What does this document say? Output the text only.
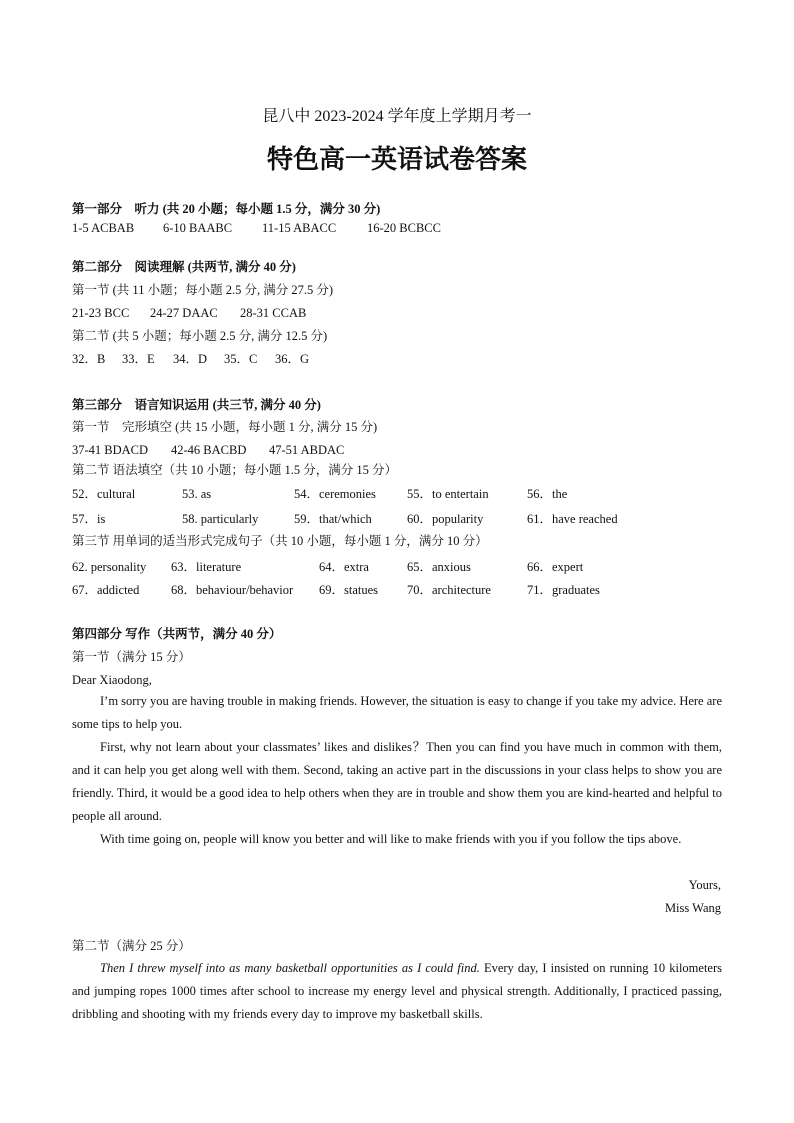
昆八中 2023-2024 学年度上学期月考一
特色高一英语试卷答案
第一部分　听力 (共 20 小题；每小题 1.5 分，满分 30 分)
1-5 ACBAB 6-10 BAABC 11-15 ABACC 16-20 BCBCC
第二部分　阅读理解 (共两节, 满分 40 分)
第一节 (共 11 小题；每小题 2.5 分, 满分 27.5 分)
21-23 BCC 24-27 DAAC 28-31 CCAB
第二节 (共 5 小题；每小题 2.5 分, 满分 12.5 分)
32．B 33．E 34．D 35．C 36．G
第三部分　语言知识运用 (共三节, 满分 40 分)
第一节　完形填空 (共 15 小题，每小题 1 分, 满分 15 分)
37-41 BDACD 42-46 BACBD 47-51 ABDAC
第二节 语法填空（共 10 小题；每小题 1.5 分，满分 15 分）
52．cultural	53. as	54．ceremonies 55．to entertain	56．the
57．is	58. particularly	59．that/which	60．popularity	61．have reached
第三节 用单词的适当形式完成句子（共 10 小题，每小题 1 分，满分 10 分）
62. personality 63．literature	64．extra	65．anxious	66．expert
67．addicted	68．behaviour/behavior 69．statues 70．architecture	71．graduates
第四部分 写作（共两节，满分 40 分）
第一节（满分 15 分）
Dear Xiaodong,
I’m sorry you are having trouble in making friends. However, the situation is easy to change if you take my advice. Here are some tips to help you.
First, why not learn about your classmates’ likes and dislikes？Then you can find you have much in common with them, and it can help you get along well with them. Second, taking an active part in the discussions in your class helps to show you are friendly. Third, it would be a good idea to help others when they are in trouble and show them you are kind-hearted and helpful to people all around.
With time going on, people will know you better and will like to make friends with you if you follow the tips above.
Yours,
Miss Wang
第二节（满分 25 分）
Then I threw myself into as many basketball opportunities as I could find. Every day, I insisted on running 10 kilometers and jumping ropes 1000 times after school to increase my energy level and physical strength. Additionally, I practiced passing, dribbling and shooting with my friends every day to improve my basketball skills.
